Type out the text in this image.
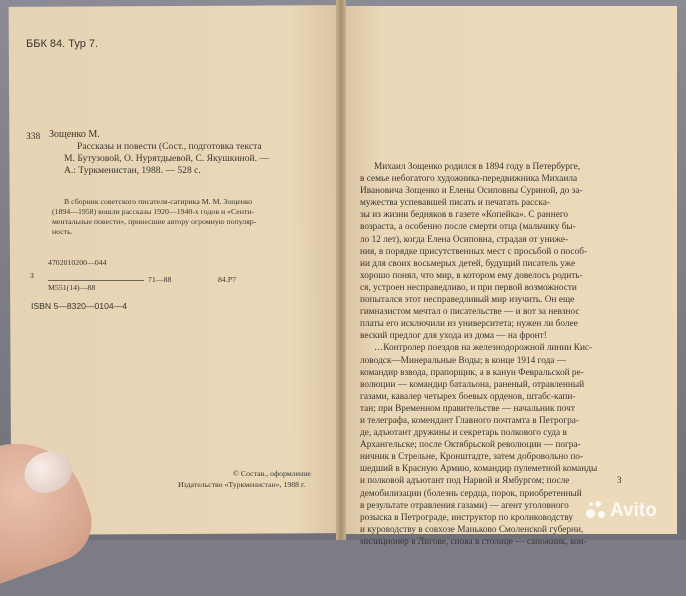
ББК 84. Тур 7.
З38 Зощенко М.
Рассказы и повести (Сост., подготовка текста
М. Бутузовой, О. Нурятдыевой, С. Якушкиной. —
А.: Туркменистан, 1988. — 528 с.
В сборник советского писателя-сатирика М. М. Зощенко
(1894—1958) вошли рассказы 1920—1940-х годов и «Сенти-
ментальные повести», принесшие автору огромную популяр-
ность.
4702010200—044
З	71—88
М551(14)—88
84.Р7
ISBN 5—8320—0104—4
© Состав., оформление
Издательство «Туркменистан», 1988 г.
Михаил Зощенко родился в 1894 году в Петербурге,
в семье небогатого художника-передвижника Михаила
Ивановича Зощенко и Елены Осиповны Суриной, до за-
мужества успевавшей писать и печатать расска-
зы из жизни бедняков в газете «Копейка». С раннего
возраста, а особенно после смерти отца (мальчику бы-
ло 12 лет), когда Елена Осиповна, страдая от униже-
ния, в порядке присутственных мест с просьбой о пособ-
ии для своих восьмерых детей, будущий писатель уже
хорошо понял, что мир, в котором ему довелось родить-
ся, устроен несправедливо, и при первой возможности
попытался этот несправедливый мир изучить. Он еще
гимназистом мечтал о писательстве — и вот за невзнос
платы его исключили из университета; нужен ли более
веский предлог для ухода из дома — на фронт!
…Контролер поездов на железнодорожной линии Кис-
ловодск—Минеральные Воды; в конце 1914 года —
командир взвода, прапорщик, а в канун Февральской ре-
волюции — командир батальона, раненый, отравленный
газами, кавалер четырех боевых орденов, штабс-капи-
тан; при Временном правительстве — начальник почт
и телеграфа, комендант Главного почтамта в Петрогра-
де, адъютант дружины и секретарь полкового суда в
Архангельске; после Октябрьской революции — погра-
ничник в Стрельне, Кронштадте, затем добровольно по-
шедший в Красную Армию, командир пулеметной команды
и полковой адъютант под Нарвой и Ямбургом; после
демобилизации (болезнь сердца, порок, приобретенный
в результате отравления газами) — агент уголовного
розыска в Петрограде, инструктор по кролиководству
и куроводству в совхозе Маньково Смоленской губерни,
милиционер в Лигове, снова в столице — сапожник, кон-
3
Avito
